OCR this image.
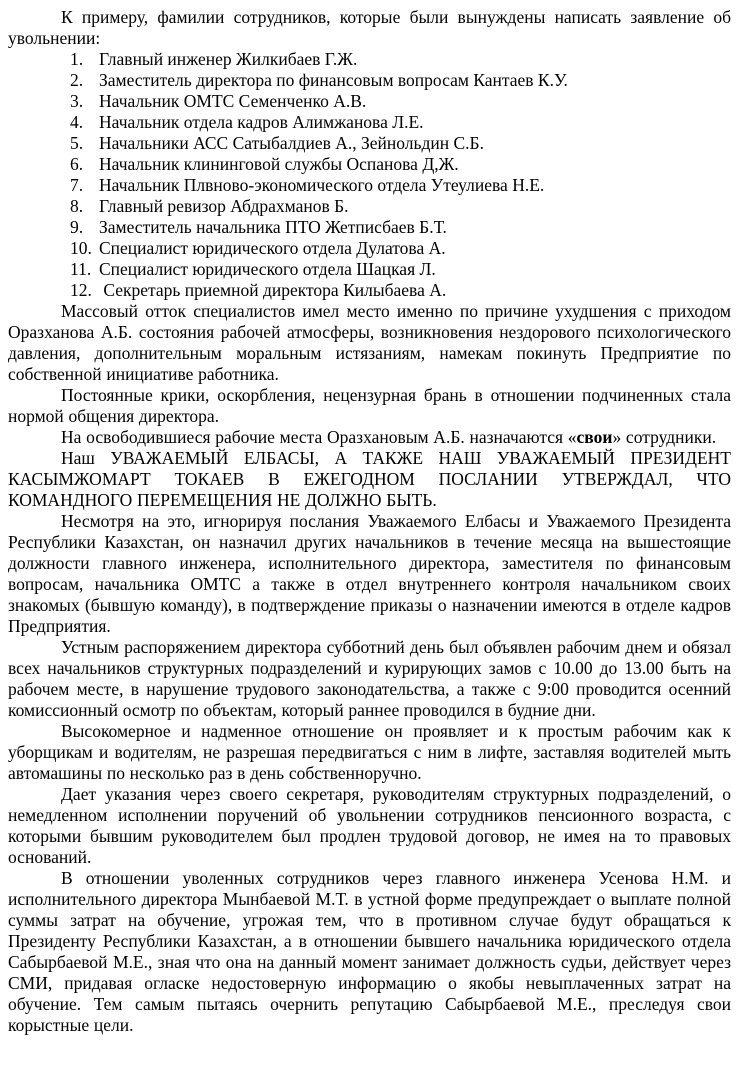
К примеру, фамилии сотрудников, которые были вынуждены написать заявление об увольнении:

1. Главный инженер Жилкибаев Г.Ж.
2. Заместитель директора по финансовым вопросам Кантаев К.У.
3. Начальник ОМТС Семенченко А.В.
4. Начальник отдела кадров Алимжанова Л.Е.
5. Начальники АСС Сатыбалдиев А., Зейнольдин С.Б.
6. Начальник клининговой службы Оспанова Д,Ж.
7. Начальник Плвново-экономического отдела Утеулиева Н.Е.
8. Главный ревизор Абдрахманов Б.
9. Заместитель начальника ПТО Жетписбаев Б.Т.
10. Специалист юридического отдела Дулатова А.
11. Специалист юридического отдела Шацкая Л.
12. Секретарь приемной директора Килыбаева А.

Массовый отток специалистов имел место именно по причине ухудшения с приходом Оразханова А.Б. состояния рабочей атмосферы, возникновения нездорового психологического давления, дополнительным моральным истязаниям, намекам покинуть Предприятие по собственной инициативе работника.

Постоянные крики, оскорбления, нецензурная брань в отношении подчиненных стала нормой общения директора.

На освободившиеся рабочие места Оразхановым А.Б. назначаются «свои» сотрудники.

Наш УВАЖАЕМЫЙ ЕЛБАСЫ, А ТАКЖЕ НАШ УВАЖАЕМЫЙ ПРЕЗИДЕНТ КАСЫМЖОМАРТ ТОКАЕВ В ЕЖЕГОДНОМ ПОСЛАНИИ УТВЕРЖДАЛ, ЧТО КОМАНДНОГО ПЕРЕМЕЩЕНИЯ НЕ ДОЛЖНО БЫТЬ.

Несмотря на это, игнорируя послания Уважаемого Елбасы и Уважаемого Президента Республики Казахстан, он назначил других начальников в течение месяца на вышестоящие должности главного инженера, исполнительного директора, заместителя по финансовым вопросам, начальника ОМТС а также в отдел внутреннего контроля начальником своих знакомых (бывшую команду), в подтверждение приказы о назначении имеются в отделе кадров Предприятия.

Устным распоряжением директора субботний день был объявлен рабочим днем и обязал всех начальников структурных подразделений и курирующих замов с 10.00 до 13.00 быть на рабочем месте, в нарушение трудового законодательства, а также с 9:00 проводится осенний комиссионный осмотр по объектам, который раннее проводился в будние дни.

Высокомерное и надменное отношение он проявляет и к простым рабочим как к уборщикам и водителям, не разрешая передвигаться с ним в лифте, заставляя водителей мыть автомашины по несколько раз в день собственноручно.

Дает указания через своего секретаря, руководителям структурных подразделений, о немедленном исполнении поручений об увольнении сотрудников пенсионного возраста, с которыми бывшим руководителем был продлен трудовой договор, не имея на то правовых оснований.

В отношении уволенных сотрудников через главного инженера Усенова Н.М. и исполнительного директора Мынбаевой М.Т. в устной форме предупреждает о выплате полной суммы затрат на обучение, угрожая тем, что в противном случае будут обращаться к Президенту Республики Казахстан, а в отношении бывшего начальника юридического отдела Сабырбаевой М.Е., зная что она на данный момент занимает должность судьи, действует через СМИ, придавая огласке недостоверную информацию о якобы невыплаченных затрат на обучение. Тем самым пытаясь очернить репутацию Сабырбаевой М.Е., преследуя свои корыстные цели.
